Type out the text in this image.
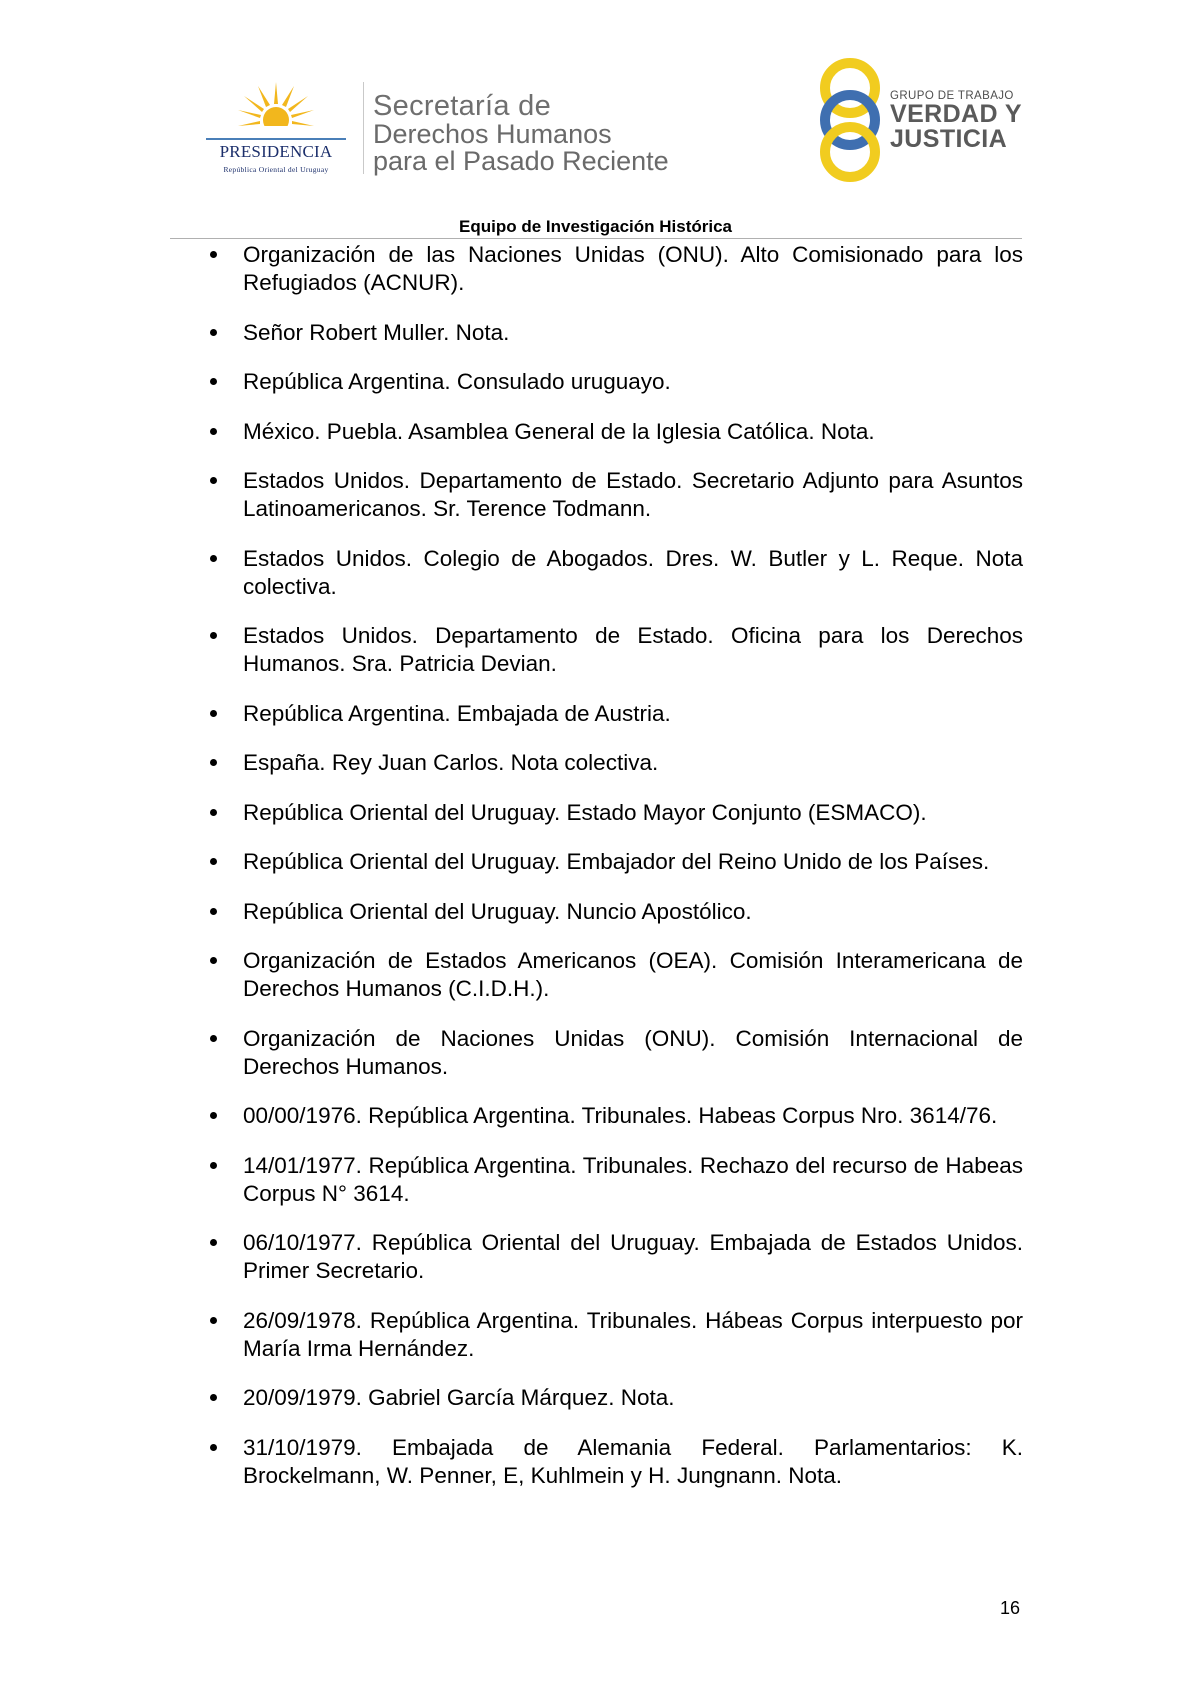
PRESIDENCIA
República Oriental del Uruguay
Secretaría de
Derechos Humanos
para el Pasado Reciente
GRUPO DE TRABAJO
VERDAD Y
JUSTICIA
Equipo de Investigación Histórica
Organización de las Naciones Unidas (ONU). Alto Comisionado para los Refugiados (ACNUR).
Señor Robert Muller. Nota.
República Argentina. Consulado uruguayo.
México. Puebla. Asamblea General de la Iglesia Católica. Nota.
Estados Unidos. Departamento de Estado. Secretario Adjunto para Asuntos Latinoamericanos. Sr. Terence Todmann.
Estados Unidos. Colegio de Abogados. Dres. W. Butler y L. Reque. Nota colectiva.
Estados Unidos. Departamento de Estado. Oficina para los Derechos Humanos. Sra. Patricia Devian.
República Argentina. Embajada de Austria.
España. Rey Juan Carlos. Nota colectiva.
República Oriental del Uruguay. Estado Mayor Conjunto (ESMACO).
República Oriental del Uruguay. Embajador del Reino Unido de los Países.
República Oriental del Uruguay. Nuncio Apostólico.
Organización de Estados Americanos (OEA). Comisión Interamericana de Derechos Humanos (C.I.D.H.).
Organización de Naciones Unidas (ONU). Comisión Internacional de Derechos Humanos.
00/00/1976. República Argentina. Tribunales. Habeas Corpus Nro. 3614/76.
14/01/1977. República Argentina. Tribunales. Rechazo del recurso de Habeas Corpus N° 3614.
06/10/1977. República Oriental del Uruguay. Embajada de Estados Unidos. Primer Secretario.
26/09/1978. República Argentina. Tribunales. Hábeas Corpus interpuesto por María Irma Hernández.
20/09/1979. Gabriel García Márquez. Nota.
31/10/1979. Embajada de Alemania Federal. Parlamentarios: K. Brockelmann, W. Penner, E, Kuhlmein y H. Jungnann. Nota.
16
